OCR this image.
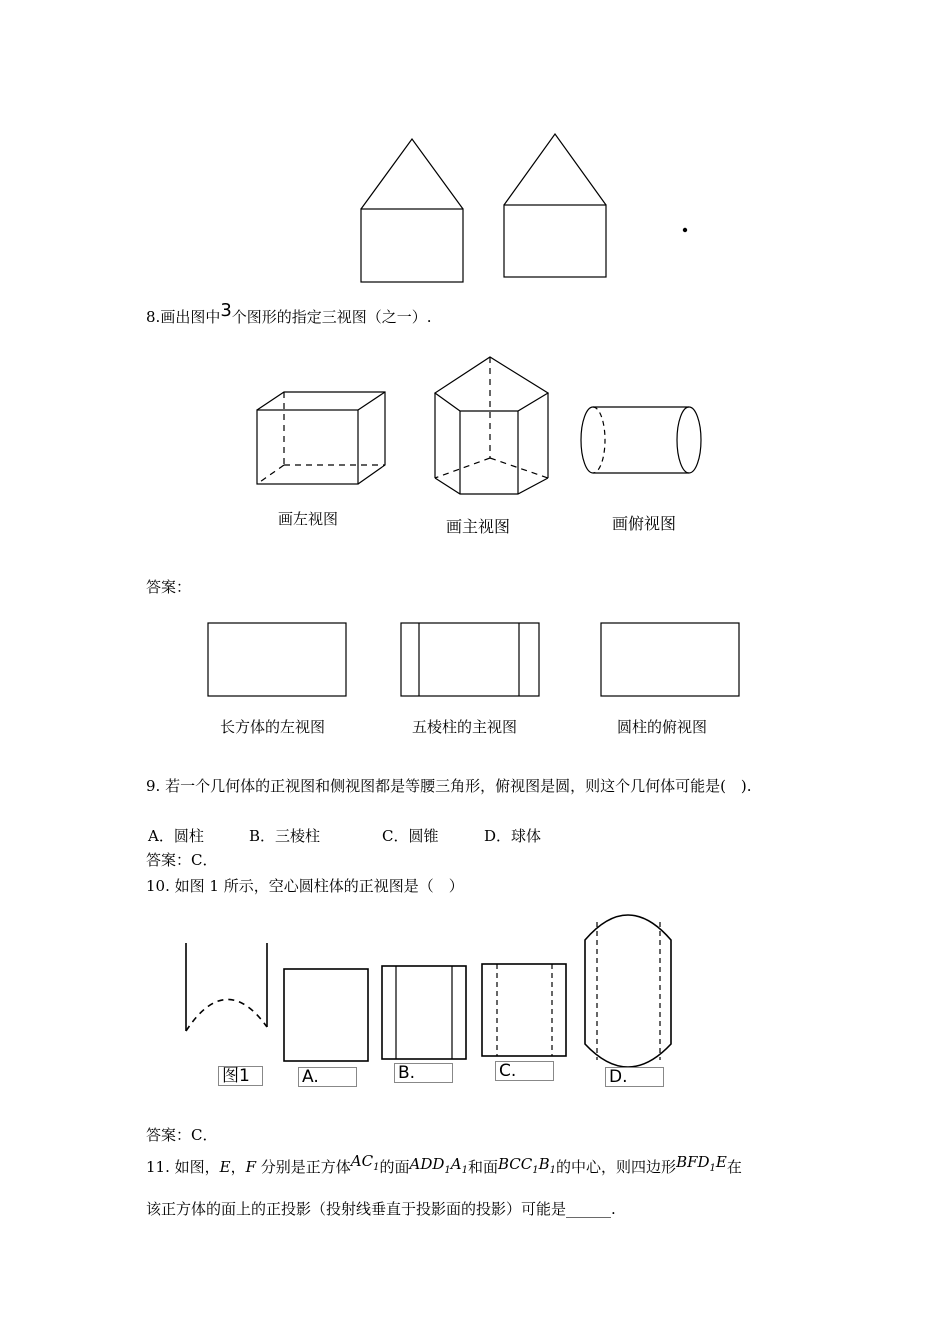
8.画出图中3个图形的指定三视图（之一）.
画左视图	画主视图	画俯视图
答案：
长方体的左视图	五棱柱的主视图	圆柱的俯视图
9. 若一个几何体的正视图和侧视图都是等腰三角形，俯视图是圆，则这个几何体可能是(　).
A．圆柱	B．三棱柱	C．圆锥	D．球体
答案：C．
10. 如图 1 所示，空心圆柱体的正视图是（　）
图1	A.	B.	C.	D.
答案：C．
11. 如图，E，F 分别是正方体$AC_1$的面$ADD_1A_1$和面$BCC_1B_1$的中心，则四边形$BFD_1E$在
该正方体的面上的正投影（投射线垂直于投影面的投影）可能是______.
